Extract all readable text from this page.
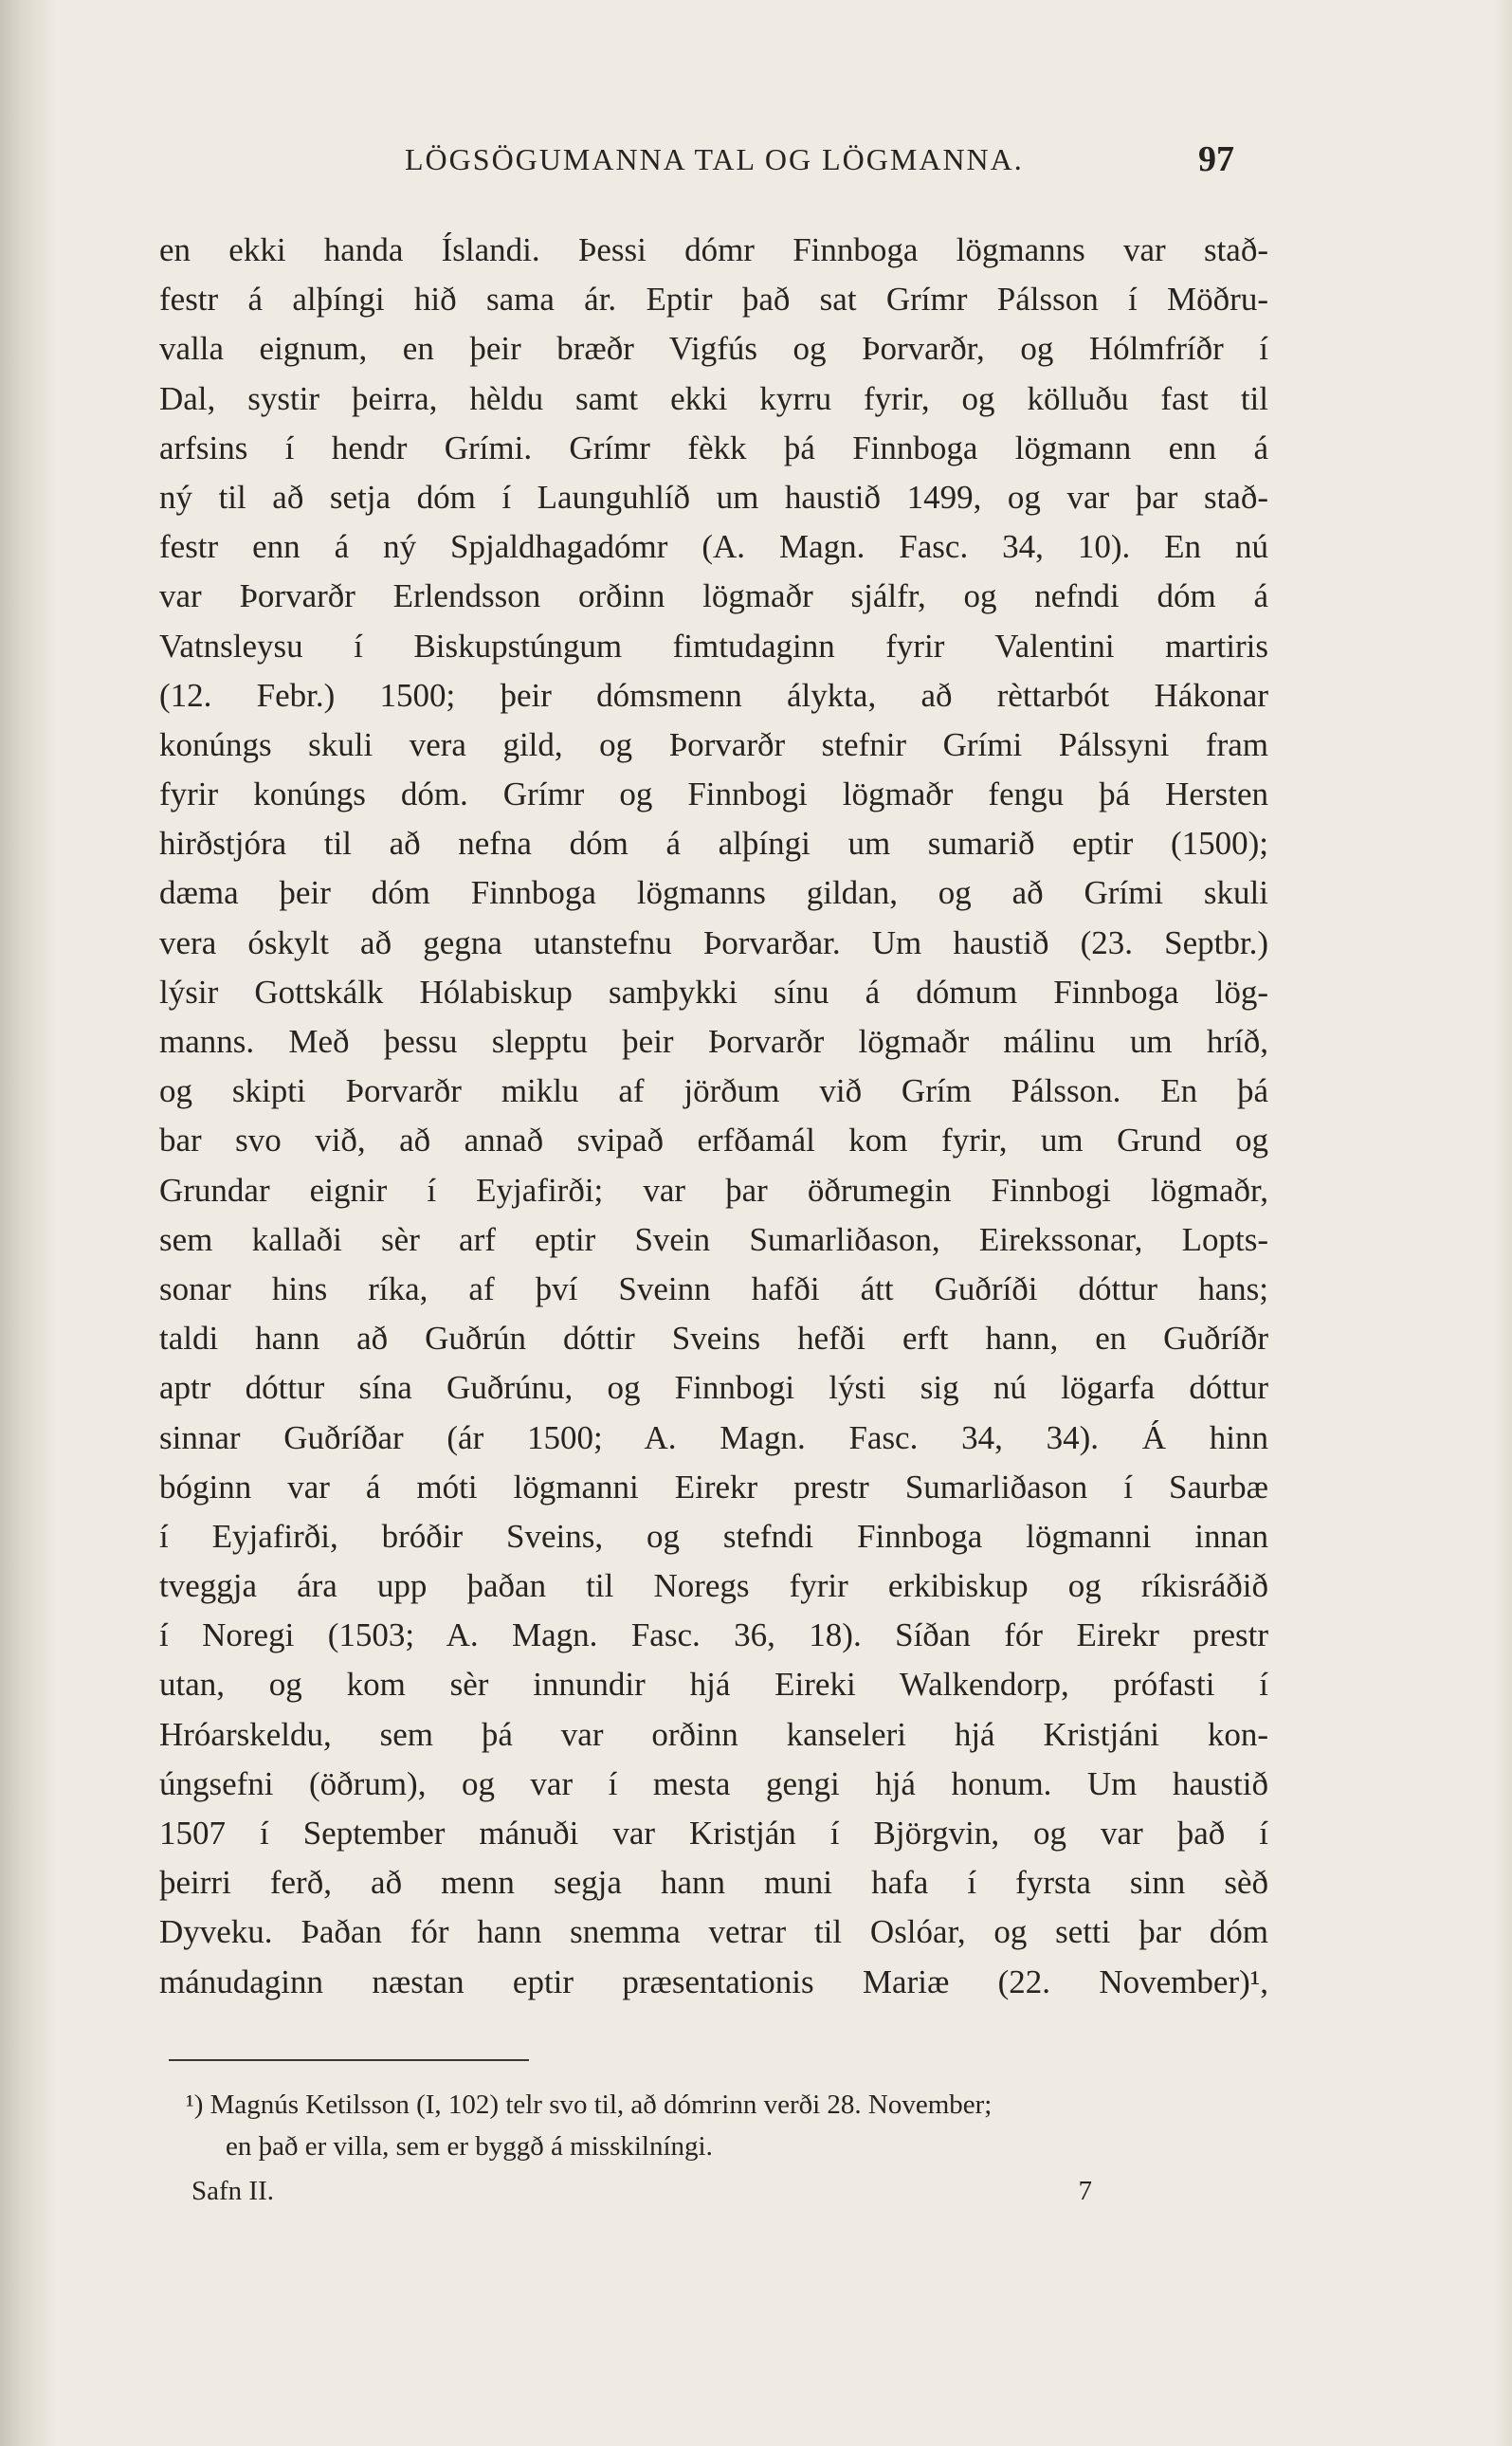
LÖGSÖGUMANNA TAL OG LÖGMANNA.	97
en ekki handa Íslandi. Þessi dómr Finnboga lögmanns var stað-
festr á alþíngi hið sama ár. Eptir það sat Grímr Pálsson í Möðru-
valla eignum, en þeir bræðr Vigfús og Þorvarðr, og Hólmfríðr í
Dal, systir þeirra, hèldu samt ekki kyrru fyrir, og kölluðu fast til
arfsins í hendr Grími. Grímr fèkk þá Finnboga lögmann enn á
ný til að setja dóm í Launguhlíð um haustið 1499, og var þar stað-
festr enn á ný Spjaldhagadómr (A. Magn. Fasc. 34, 10). En nú
var Þorvarðr Erlendsson orðinn lögmaðr sjálfr, og nefndi dóm á
Vatnsleysu í Biskupstúngum fimtudaginn fyrir Valentini martiris
(12. Febr.) 1500; þeir dómsmenn álykta, að rèttarbót Hákonar
konúngs skuli vera gild, og Þorvarðr stefnir Grími Pálssyni fram
fyrir konúngs dóm. Grímr og Finnbogi lögmaðr fengu þá Hersten
hirðstjóra til að nefna dóm á alþíngi um sumarið eptir (1500);
dæma þeir dóm Finnboga lögmanns gildan, og að Grími skuli
vera óskylt að gegna utanstefnu Þorvarðar. Um haustið (23. Septbr.)
lýsir Gottskálk Hólabiskup samþykki sínu á dómum Finnboga lög-
manns. Með þessu slepptu þeir Þorvarðr lögmaðr málinu um hríð,
og skipti Þorvarðr miklu af jörðum við Grím Pálsson. En þá
bar svo við, að annað svipað erfðamál kom fyrir, um Grund og
Grundar eignir í Eyjafirði; var þar öðrumegin Finnbogi lögmaðr,
sem kallaði sèr arf eptir Svein Sumarliðason, Eirekssonar, Lopts-
sonar hins ríka, af því Sveinn hafði átt Guðríði dóttur hans;
taldi hann að Guðrún dóttir Sveins hefði erft hann, en Guðríðr
aptr dóttur sína Guðrúnu, og Finnbogi lýsti sig nú lögarfa dóttur
sinnar Guðríðar (ár 1500; A. Magn. Fasc. 34, 34). Á hinn
bóginn var á móti lögmanni Eirekr prestr Sumarliðason í Saurbæ
í Eyjafirði, bróðir Sveins, og stefndi Finnboga lögmanni innan
tveggja ára upp þaðan til Noregs fyrir erkibiskup og ríkisráðið
í Noregi (1503; A. Magn. Fasc. 36, 18). Síðan fór Eirekr prestr
utan, og kom sèr innundir hjá Eireki Walkendorp, prófasti í
Hróarskeldu, sem þá var orðinn kanseleri hjá Kristjáni kon-
úngsefni (öðrum), og var í mesta gengi hjá honum. Um haustið
1507 í September mánuði var Kristján í Björgvin, og var það í
þeirri ferð, að menn segja hann muni hafa í fyrsta sinn sèð
Dyveku. Þaðan fór hann snemma vetrar til Oslóar, og setti þar dóm
mánudaginn næstan eptir præsentationis Mariæ (22. November)¹,
¹) Magnús Ketilsson (I, 102) telr svo til, að dómrinn verði 28. November;
en það er villa, sem er byggð á misskilníngi.
Safn II.	7
